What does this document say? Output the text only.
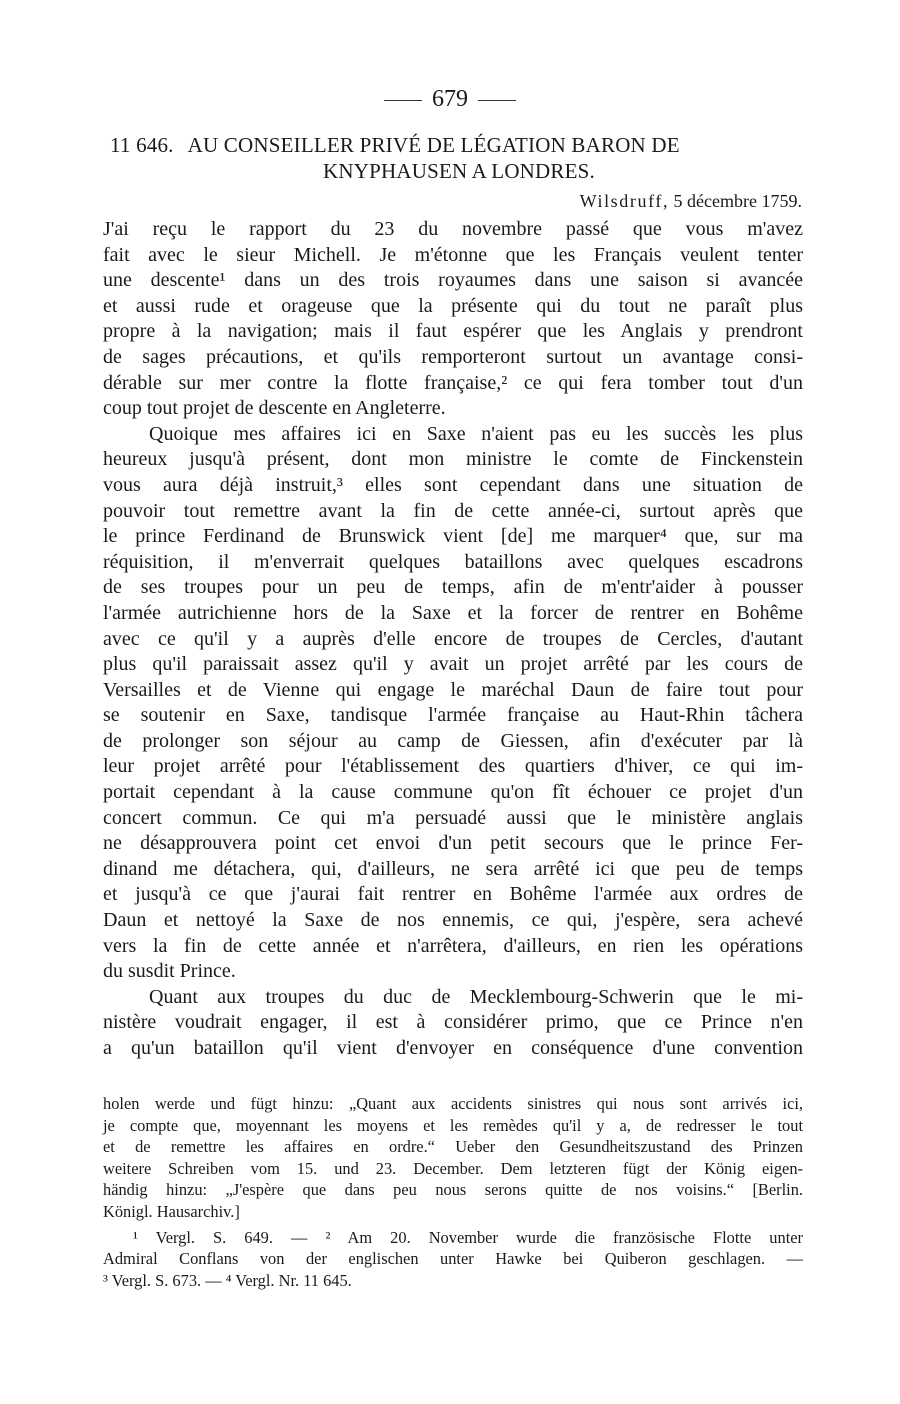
679
11 646. AU CONSEILLER PRIVÉ DE LÉGATION BARON DE
KNYPHAUSEN A LONDRES.
Wilsdruff, 5 décembre 1759.
J'ai reçu le rapport du 23 du novembre passé que vous m'avez
fait avec le sieur Michell. Je m'étonne que les Français veulent tenter
une descente¹ dans un des trois royaumes dans une saison si avancée
et aussi rude et orageuse que la présente qui du tout ne paraît plus
propre à la navigation; mais il faut espérer que les Anglais y prendront
de sages précautions, et qu'ils remporteront surtout un avantage consi-
dérable sur mer contre la flotte française,² ce qui fera tomber tout d'un
coup tout projet de descente en Angleterre.
Quoique mes affaires ici en Saxe n'aient pas eu les succès les plus
heureux jusqu'à présent, dont mon ministre le comte de Finckenstein
vous aura déjà instruit,³ elles sont cependant dans une situation de
pouvoir tout remettre avant la fin de cette année-ci, surtout après que
le prince Ferdinand de Brunswick vient [de] me marquer⁴ que, sur ma
réquisition, il m'enverrait quelques bataillons avec quelques escadrons
de ses troupes pour un peu de temps, afin de m'entr'aider à pousser
l'armée autrichienne hors de la Saxe et la forcer de rentrer en Bohême
avec ce qu'il y a auprès d'elle encore de troupes de Cercles, d'autant
plus qu'il paraissait assez qu'il y avait un projet arrêté par les cours de
Versailles et de Vienne qui engage le maréchal Daun de faire tout pour
se soutenir en Saxe, tandisque l'armée française au Haut-Rhin tâchera
de prolonger son séjour au camp de Giessen, afin d'exécuter par là
leur projet arrêté pour l'établissement des quartiers d'hiver, ce qui im-
portait cependant à la cause commune qu'on fît échouer ce projet d'un
concert commun. Ce qui m'a persuadé aussi que le ministère anglais
ne désapprouvera point cet envoi d'un petit secours que le prince Fer-
dinand me détachera, qui, d'ailleurs, ne sera arrêté ici que peu de temps
et jusqu'à ce que j'aurai fait rentrer en Bohême l'armée aux ordres de
Daun et nettoyé la Saxe de nos ennemis, ce qui, j'espère, sera achevé
vers la fin de cette année et n'arrêtera, d'ailleurs, en rien les opérations
du susdit Prince.
Quant aux troupes du duc de Mecklembourg-Schwerin que le mi-
nistère voudrait engager, il est à considérer primo, que ce Prince n'en
a qu'un bataillon qu'il vient d'envoyer en conséquence d'une convention
holen werde und fügt hinzu: „Quant aux accidents sinistres qui nous sont arrivés ici,
je compte que, moyennant les moyens et les remèdes qu'il y a, de redresser le tout
et de remettre les affaires en ordre.“ Ueber den Gesundheitszustand des Prinzen
weitere Schreiben vom 15. und 23. December. Dem letzteren fügt der König eigen-
händig hinzu: „J'espère que dans peu nous serons quitte de nos voisins.“ [Berlin.
Königl. Hausarchiv.]
¹ Vergl. S. 649. — ² Am 20. November wurde die französische Flotte unter
Admiral Conflans von der englischen unter Hawke bei Quiberon geschlagen. —
³ Vergl. S. 673. — ⁴ Vergl. Nr. 11 645.
